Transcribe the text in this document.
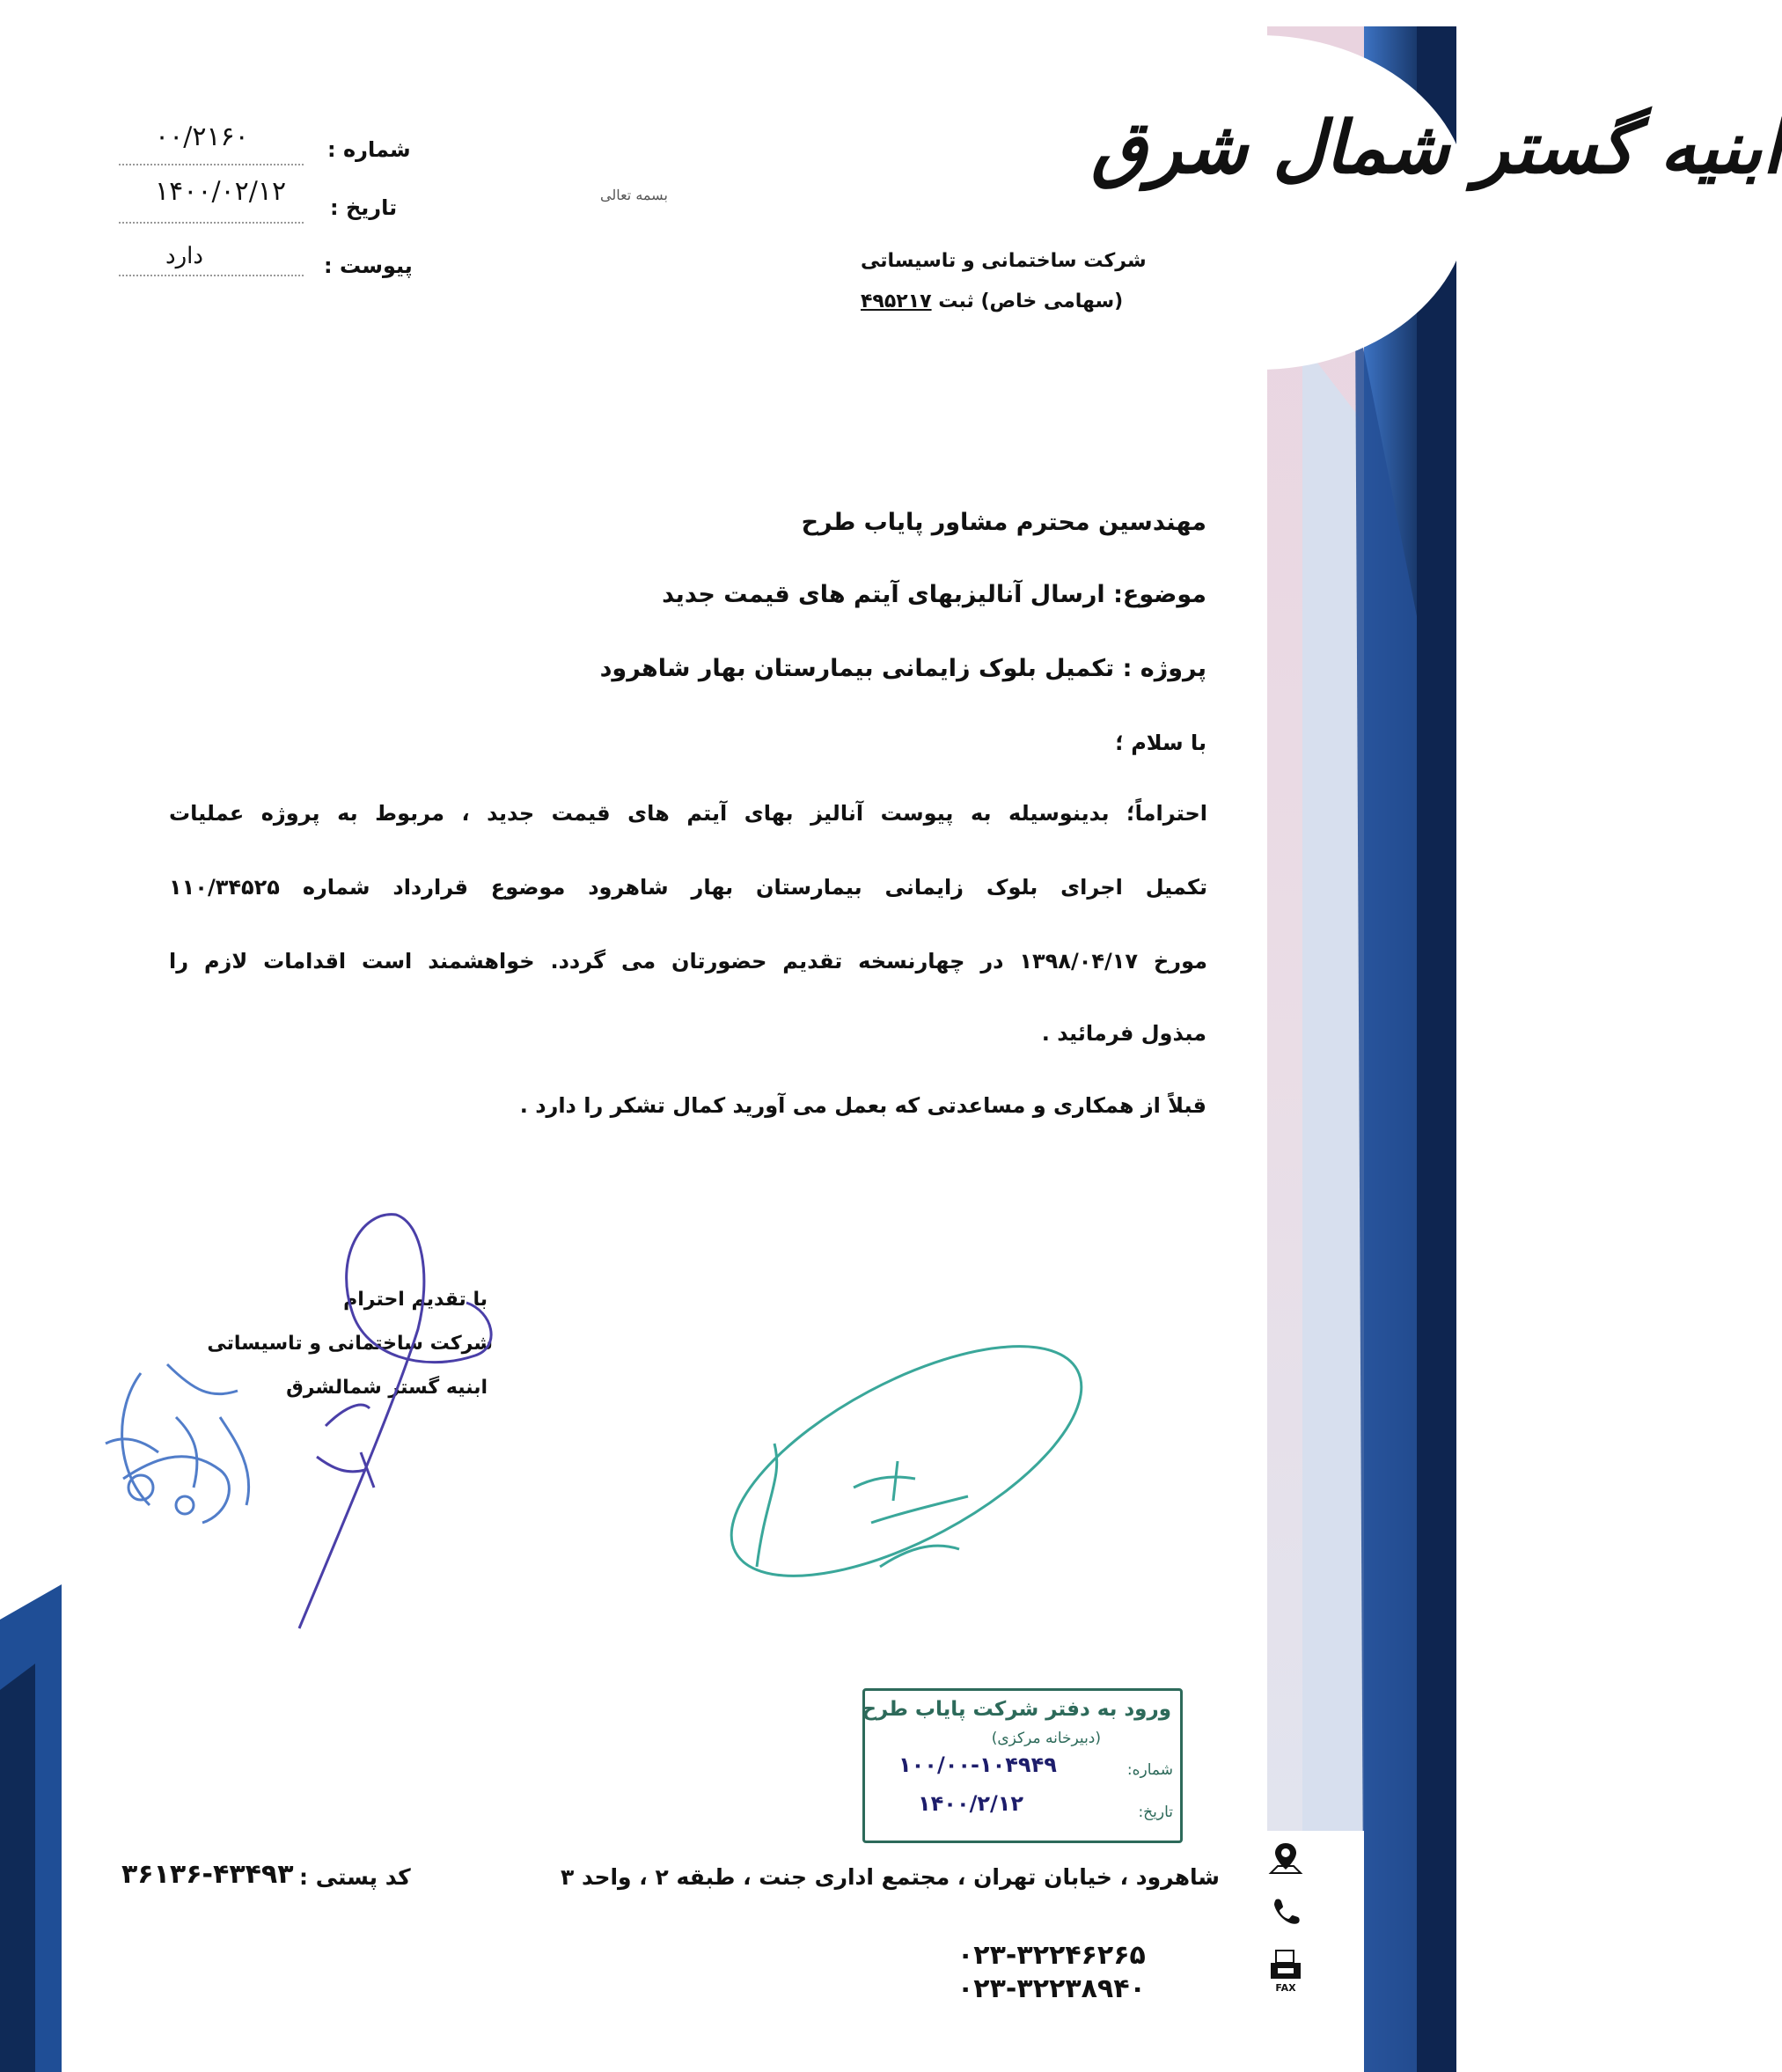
ابنیه گستر شمال شرق
شرکت ساختمانی و تاسیساتی
(سهامی خاص) ثبت ۴۹۵۲۱۷
بسمه تعالی
شماره :
۰۰/۲۱۶۰
تاریخ :
۱۴۰۰/۰۲/۱۲
پیوست :
دارد
مهندسین محترم مشاور پایاب طرح
موضوع: ارسال آنالیزبهای آیتم های قیمت جدید
پروژه : تکمیل بلوک زایمانی بیمارستان بهار شاهرود
با سلام ؛
احتراماً؛ بدینوسیله به پیوست آنالیز بهای آیتم های قیمت جدید ، مربوط به پروژه عملیات
تکمیل اجرای بلوک زایمانی بیمارستان بهار شاهرود موضوع قرارداد شماره ۱۱۰/۳۴۵۲۵
مورخ ۱۳۹۸/۰۴/۱۷ در چهارنسخه تقدیم حضورتان می گردد. خواهشمند است اقدامات لازم را
مبذول فرمائید .
قبلاً از همکاری و مساعدتی که بعمل می آورید کمال تشکر را دارد .
با تقدیم احترام
شرکت ساختمانی و تاسیساتی
ابنیه گستر شمالشرق
ورود به دفتر شرکت پایاب طرح
(دبیرخانه مرکزی)
شماره:
۱۰۰/۰۰-۱۰۴۹۴۹
تاریخ:
۱۴۰۰/۲/۱۲
شاهرود ، خیابان تهران ، مجتمع اداری جنت ، طبقه ۲ ، واحد ۳
۰۲۳-۳۲۲۴۶۲۶۵
۰۲۳-۳۲۲۳۸۹۴۰
کد پستی :
۳۶۱۳۶-۴۳۴۹۳
FAX
